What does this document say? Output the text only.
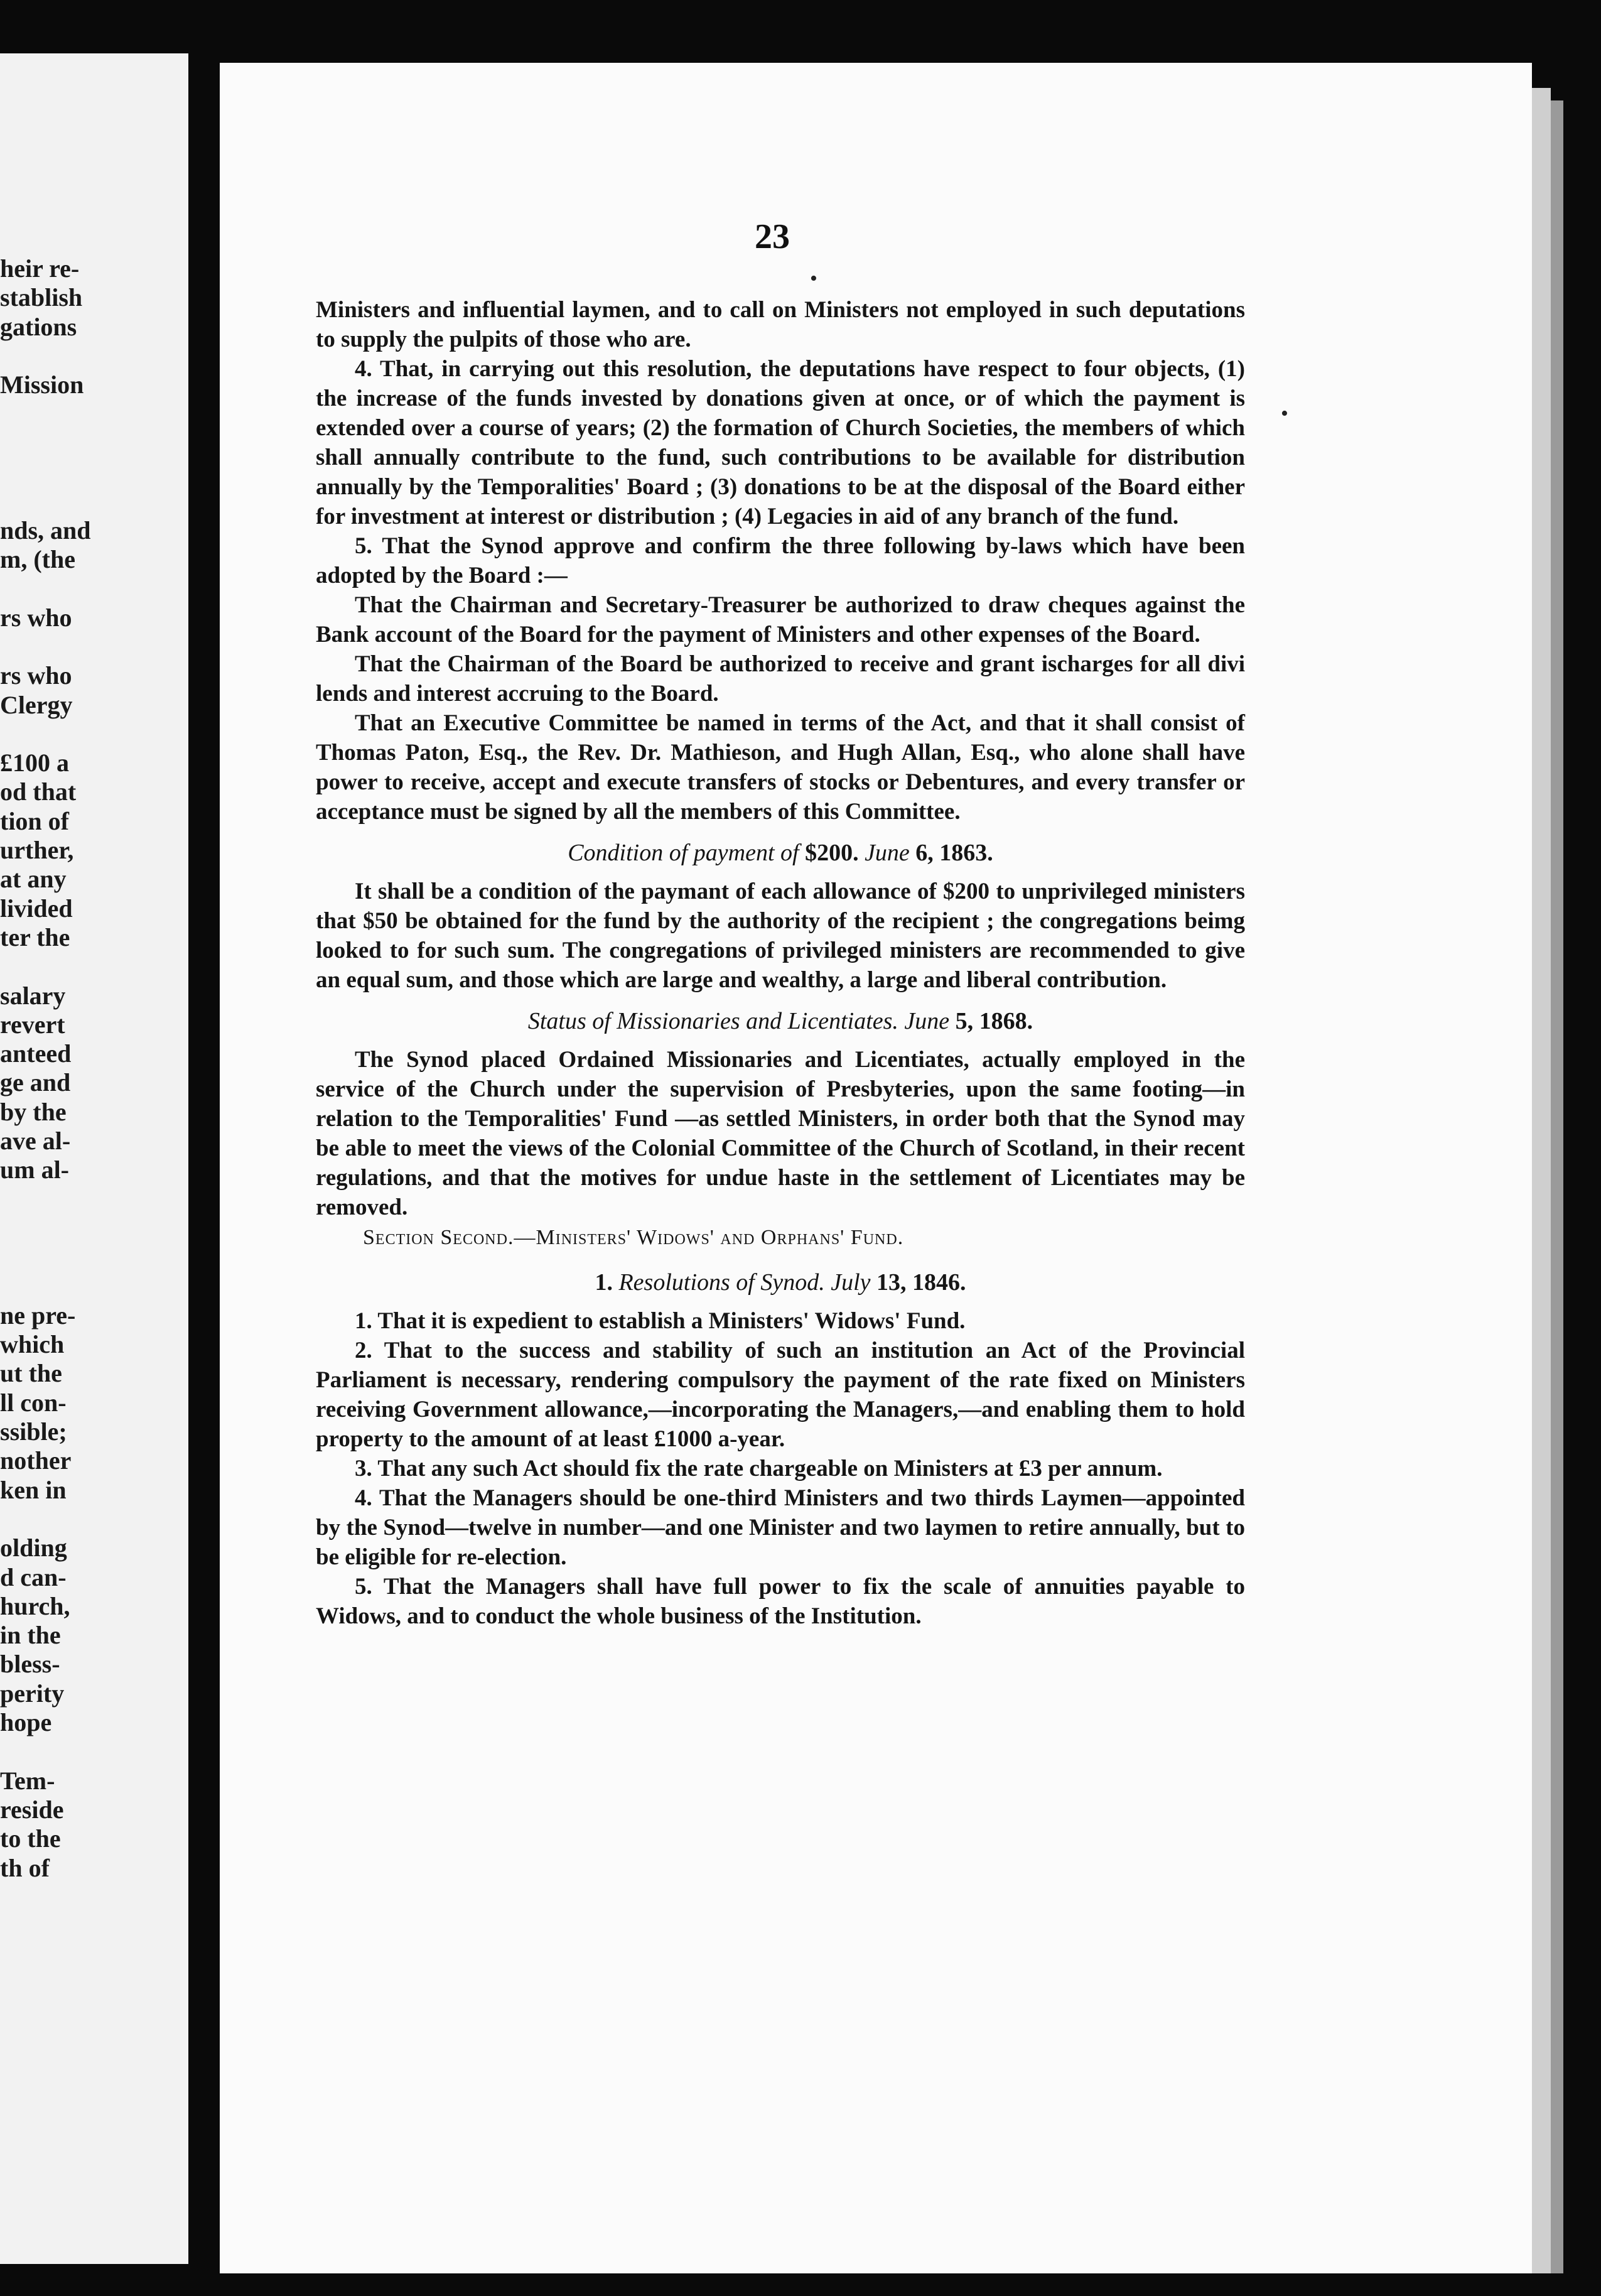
heir re-
stablish
gations
Mission
nds, and
m, (the
rs who
rs who
Clergy
£100 a
od that
tion of
urther,
at any
livided
ter the
salary
revert
anteed
ge and
by the
ave al-
um al-
ne pre-
which
ut the
ll con-
ssible;
nother
ken in
olding
d can-
hurch,
in the
bless-
perity
hope
Tem-
reside
to the
th of
23
•
•

Ministers and influential laymen, and to call on Ministers not employed in such deputations to supply the pulpits of those who are.

4. That, in carrying out this resolution, the deputations have respect to four objects, (1) the increase of the funds invested by donations given at once, or of which the payment is extended over a course of years; (2) the formation of Church Societies, the members of which shall annually contribute to the fund, such contributions to be available for distribution annually by the Temporalities' Board ; (3) donations to be at the disposal of the Board either for investment at interest or distribution ; (4) Legacies in aid of any branch of the fund.

5. That the Synod approve and confirm the three following by-laws which have been adopted by the Board :—

That the Chairman and Secretary-Treasurer be authorized to draw cheques against the Bank account of the Board for the payment of Ministers and other expenses of the Board.

That the Chairman of the Board be authorized to receive and grant ischarges for all divi lends and interest accruing to the Board.

That an Executive Committee be named in terms of the Act, and that it shall consist of Thomas Paton, Esq., the Rev. Dr. Mathieson, and Hugh Allan, Esq., who alone shall have power to receive, accept and execute transfers of stocks or Debentures, and every transfer or acceptance must be signed by all the members of this Committee.

Condition of payment of $200. June 6, 1863.

It shall be a condition of the paymant of each allowance of $200 to unprivileged ministers that $50 be obtained for the fund by the authority of the recipient ; the congregations beimg looked to for such sum. The congregations of privileged ministers are recommended to give an equal sum, and those which are large and wealthy, a large and liberal contribution.

Status of Missionaries and Licentiates. June 5, 1868.

The Synod placed Ordained Missionaries and Licentiates, actually employed in the service of the Church under the supervision of Presbyteries, upon the same footing—in relation to the Temporalities' Fund —as settled Ministers, in order both that the Synod may be able to meet the views of the Colonial Committee of the Church of Scotland, in their recent regulations, and that the motives for undue haste in the settlement of Licentiates may be removed.

Section Second.—Ministers' Widows' and Orphans' Fund.
1. Resolutions of Synod. July 13, 1846.

1. That it is expedient to establish a Ministers' Widows' Fund.

2. That to the success and stability of such an institution an Act of the Provincial Parliament is necessary, rendering compulsory the payment of the rate fixed on Ministers receiving Government allowance,—incorporating the Managers,—and enabling them to hold property to the amount of at least £1000 a-year.

3. That any such Act should fix the rate chargeable on Ministers at £3 per annum.

4. That the Managers should be one-third Ministers and two thirds Laymen—appointed by the Synod—twelve in number—and one Minister and two laymen to retire annually, but to be eligible for re-election.

5. That the Managers shall have full power to fix the scale of annuities payable to Widows, and to conduct the whole business of the Institution.
